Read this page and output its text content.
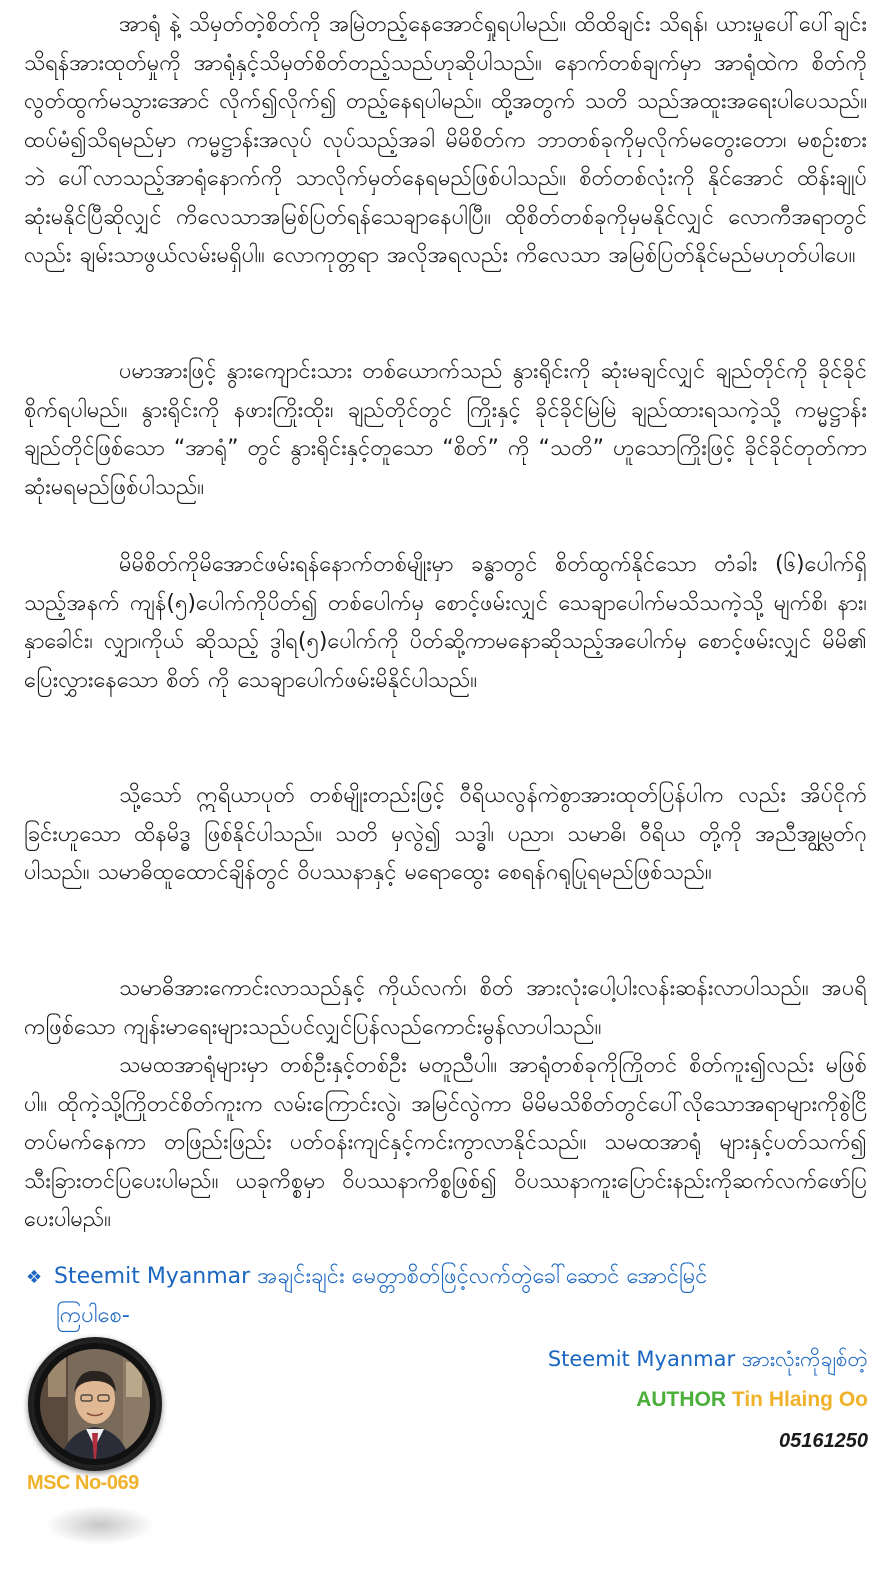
အာရုံ နဲ့ သိမှတ်တဲ့စိတ်ကို အမြဲတည့်နေအောင်ရှုရပါမည်။ ထိထိချင်း သိရန်၊ ယားမှုပေါ်ပေါ်ချင်းသိရန်အားထုတ်မှုကို အာရုံနှင့်သိမှတ်စိတ်တည့်သည်ဟုဆိုပါသည်။ နောက်တစ်ချက်မှာ အာရုံထဲက စိတ်ကိုလွတ်ထွက်မသွားအောင် လိုက်၍လိုက်၍ တည့်နေရပါမည်။ ထို့အတွက် သတိ သည်အထူးအရေးပါပေသည်။ ထပ်မံ၍သိရမည်မှာ ကမ္မဋ္ဌာန်းအလုပ် လုပ်သည့်အခါ မိမိစိတ်က ဘာတစ်ခုကိုမှလိုက်မတွေးတော၊ မစဉ်းစားဘဲ ပေါ်လာသည့်အာရုံနောက်ကို သာလိုက်မှတ်နေရမည်ဖြစ်ပါသည်။ စိတ်တစ်လုံးကို နိုင်အောင် ထိန်းချုပ်ဆုံးမနိုင်ပြီဆိုလျှင် ကိလေသာအမြစ်ပြတ်ရန်သေချာနေပါပြီ။ ထိုစိတ်တစ်ခုကိုမှမနိုင်လျှင် လောကီအရာတွင်လည်း ချမ်းသာဖွယ်လမ်းမရှိပါ။ လောကုတ္တရာ အလိုအရလည်း ကိလေသာ အမြစ်ပြတ်နိုင်မည်မဟုတ်ပါပေ။

ပမာအားဖြင့် နွားကျောင်းသား တစ်ယောက်သည် နွားရိုင်းကို ဆုံးမချင်လျှင် ချည်တိုင်ကို ခိုင်ခိုင်စိုက်ရပါမည်။ နွားရိုင်းကို နဖားကြိုးထိုး၊ ချည်တိုင်တွင် ကြိုးနှင့် ခိုင်ခိုင်မြဲမြဲ ချည်ထားရသကဲ့သို့ ကမ္မဋ္ဌာန်းချည်တိုင်ဖြစ်သော “အာရုံ” တွင် နွားရိုင်းနှင့်တူသော “စိတ်” ကို “သတိ” ဟူသောကြိုးဖြင့် ခိုင်ခိုင်တုတ်ကာ ဆုံးမရမည်ဖြစ်ပါသည်။

မိမိစိတ်ကိုမိအောင်ဖမ်းရန်နောက်တစ်မျိုးမှာ ခန္ဓာတွင် စိတ်ထွက်နိုင်သော တံခါး (၆)ပေါက်ရှိသည့်အနက် ကျန်(၅)ပေါက်ကိုပိတ်၍ တစ်ပေါက်မှ စောင့်ဖမ်းလျှင် သေချာပေါက်မသိသကဲ့သို့ မျက်စိ၊ နား၊ နှာခေါင်း၊ လျှာ၊ကိုယ် ဆိုသည့် ဒွါရ(၅)ပေါက်ကို ပိတ်ဆို့ကာမနောဆိုသည့်အပေါက်မှ စောင့်ဖမ်းလျှင် မိမိ၏ ပြေးလွှားနေသော စိတ် ကို သေချာပေါက်ဖမ်းမိနိုင်ပါသည်။

သို့သော် ဣရိယာပုတ် တစ်မျိုးတည်းဖြင့် ဝီရိယလွန်ကဲစွာအားထုတ်ပြန်ပါက လည်း အိပ်ငိုက်ခြင်းဟူသော ထိနမိဒ္ဓ ဖြစ်နိုင်ပါသည်။ သတိ မှလွဲ၍ သဒ္ဓါ၊ ပညာ၊ သမာဓိ၊ ဝီရိယ တို့ကို အညီအျွမ္လတ်ဂုပါသည်။ သမာဓိထူထောင်ချိန်တွင် ဝိပဿနာနှင့် မရောထွေး စေရန်ဂရုပြုရမည်ဖြစ်သည်။

သမာဓိအားကောင်းလာသည်နှင့် ကိုယ်လက်၊ စိတ် အားလုံးပေါ့ပါးလန်းဆန်းလာပါသည်။ အပရိကဖြစ်သော ကျန်းမာရေးများသည်ပင်လျှင်ပြန်လည်ကောင်းမွန်လာပါသည်။

သမထအာရုံများမှာ တစ်ဦးနှင့်တစ်ဦး မတူညီပါ။ အာရုံတစ်ခုကိုကြိုတင် စိတ်ကူး၍လည်း မဖြစ်ပါ။ ထိုကဲ့သို့ကြိုတင်စိတ်ကူးက လမ်းကြောင်းလွဲ၊ အမြင်လွဲကာ မိမိမသိစိတ်တွင်ပေါ်လိုသောအရာများကိုစွဲငြိတပ်မက်နေကာ တဖြည်းဖြည်း ပတ်ဝန်းကျင်နှင့်ကင်းကွာလာနိုင်သည်။ သမထအာရုံ များနှင့်ပတ်သက်၍ သီးခြားတင်ပြပေးပါမည်။ ယခုကိစ္စမှာ ဝိပဿနာကိစ္စဖြစ်၍ ဝိပဿနာကူးပြောင်းနည်းကိုဆက်လက်ဖော်ပြပေးပါမည်။

❖ Steemit Myanmar အချင်းချင်း မေတ္တာစိတ်ဖြင့်လက်တွဲခေါ်ဆောင် အောင်မြင်
ကြပါစေ-
MSC No-069
Steemit Myanmar အားလုံးကိုချစ်တဲ့
AUTHOR Tin Hlaing Oo
05161250
